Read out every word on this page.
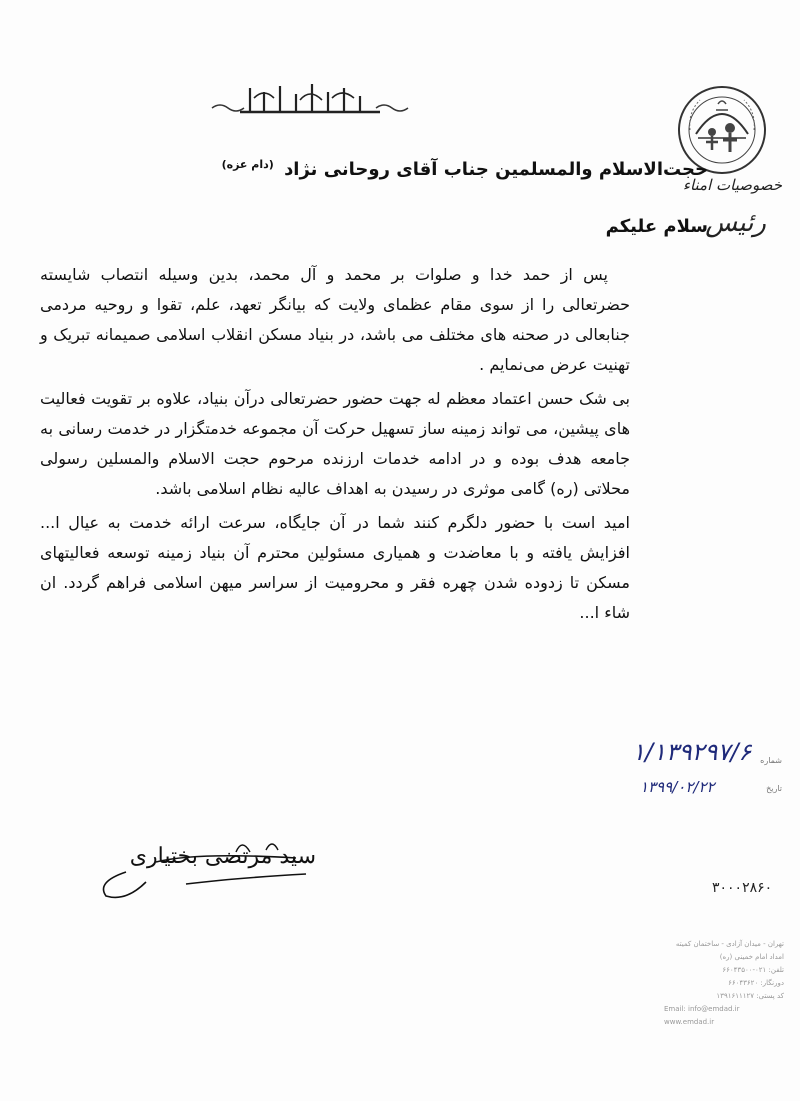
بسم الله الرحمن الرحیم
خصوصیات امناء
رئیس
حجت‌الاسلام والمسلمین جناب آقای روحانی نژاد $^{(دام عزه)}$
سلام علیکم

پس از حمد خدا و صلوات بر محمد و آل محمد، بدین وسیله انتصاب شایسته حضرتعالی را از سوی مقام عظمای ولایت که بیانگر تعهد، علم، تقوا و روحیه مردمی جنابعالی در صحنه های مختلف می باشد، در بنیاد مسکن انقلاب اسلامی صمیمانه تبریک و تهنیت عرض می‌نمایم .

بی شک حسن اعتماد معظم له جهت حضور حضرتعالی درآن بنیاد، علاوه بر تقویت فعالیت های پیشین، می تواند زمینه ساز تسهیل حرکت آن مجموعه خدمتگزار در خدمت رسانی به جامعه هدف بوده و در ادامه خدمات ارزنده مرحوم حجت الاسلام والمسلین رسولی محلاتی (ره) گامی موثری در رسیدن به اهداف عالیه نظام اسلامی باشد.

امید است با حضور دلگرم کنند شما در آن جایگاه، سرعت ارائه خدمت به عیال ا... افزایش یافته و با معاضدت و همیاری مسئولین محترم آن بنیاد زمینه توسعه فعالیتهای مسکن تا زدوده شدن چهره فقر و محرومیت از سراسر میهن اسلامی فراهم گردد. ان شاء ا...

۱/۱۳۹۲۹۷/۶ شماره
۱۳۹۹/۰۲/۲۲	تاریخ
سید مرتضی بختیاری
۳۰۰۰۲۸۶۰
تهران - میدان آزادی - ساختمان کمیته
امداد امام خمینی (ره)
تلفن: ۰۲۱-۶۶۰۴۳۵۰۰
دورنگار: ۶۶۰۴۳۶۲۰
کد پستی: ۱۳۹۱۶۱۱۱۲۷
Email: info@emdad.ir
www.emdad.ir
